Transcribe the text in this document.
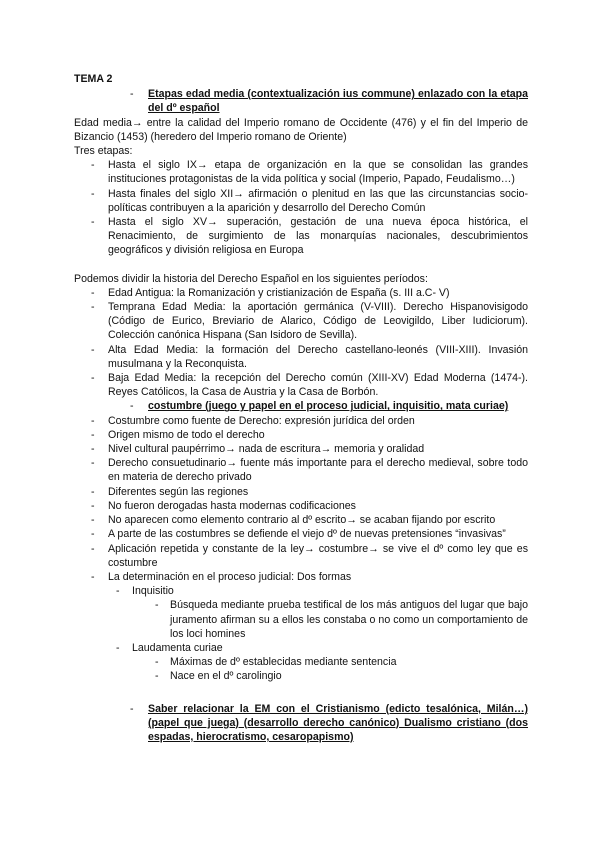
TEMA 2
- Etapas edad media (contextualización ius commune) enlazado con la etapa del dº español
Edad media→ entre la calidad del Imperio romano de Occidente (476) y el fin del Imperio de Bizancio (1453) (heredero del Imperio romano de Oriente)
Tres etapas:
- Hasta el siglo IX→ etapa de organización en la que se consolidan las grandes instituciones protagonistas de la vida política y social (Imperio, Papado, Feudalismo…)
- Hasta finales del siglo XII→ afirmación o plenitud en las que las circunstancias socio-políticas contribuyen a la aparición y desarrollo del Derecho Común
- Hasta el siglo XV→ superación, gestación de una nueva época histórica, el Renacimiento, de surgimiento de las monarquías nacionales, descubrimientos geográficos y división religiosa en Europa
Podemos dividir la historia del Derecho Español en los siguientes períodos:
- Edad Antigua: la Romanización y cristianización de España (s. III a.C- V)
- Temprana Edad Media: la aportación germánica (V-VIII). Derecho Hispanovisigodo (Código de Eurico, Breviario de Alarico, Código de Leovigildo, Liber Iudiciorum). Colección canónica Hispana (San Isidoro de Sevilla).
- Alta Edad Media: la formación del Derecho castellano-leonés (VIII-XIII). Invasión musulmana y la Reconquista.
- Baja Edad Media: la recepción del Derecho común (XIII-XV) Edad Moderna (1474-). Reyes Católicos, la Casa de Austria y la Casa de Borbón.
- costumbre (juego y papel en el proceso judicial, inquisitio, mata curiae)
- Costumbre como fuente de Derecho: expresión jurídica del orden
- Origen mismo de todo el derecho
- Nivel cultural paupérrimo→ nada de escritura→ memoria y oralidad
- Derecho consuetudinario→ fuente más importante para el derecho medieval, sobre todo en materia de derecho privado
- Diferentes según las regiones
- No fueron derogadas hasta modernas codificaciones
- No aparecen como elemento contrario al dº escrito→ se acaban fijando por escrito
- A parte de las costumbres se defiende el viejo dº de nuevas pretensiones “invasivas”
- Aplicación repetida y constante de la ley→ costumbre→ se vive el dº como ley que es costumbre
- La determinación en el proceso judicial: Dos formas
- Inquisitio
- Búsqueda mediante prueba testifical de los más antiguos del lugar que bajo juramento afirman su a ellos les constaba o no como un comportamiento de los loci homines
- Laudamenta curiae
- Máximas de dº establecidas mediante sentencia
- Nace en el dº carolingio
- Saber relacionar la EM con el Cristianismo (edicto tesalónica, Milán…) (papel que juega) (desarrollo derecho canónico) Dualismo cristiano (dos espadas, hierocratismo, cesaropapismo)
